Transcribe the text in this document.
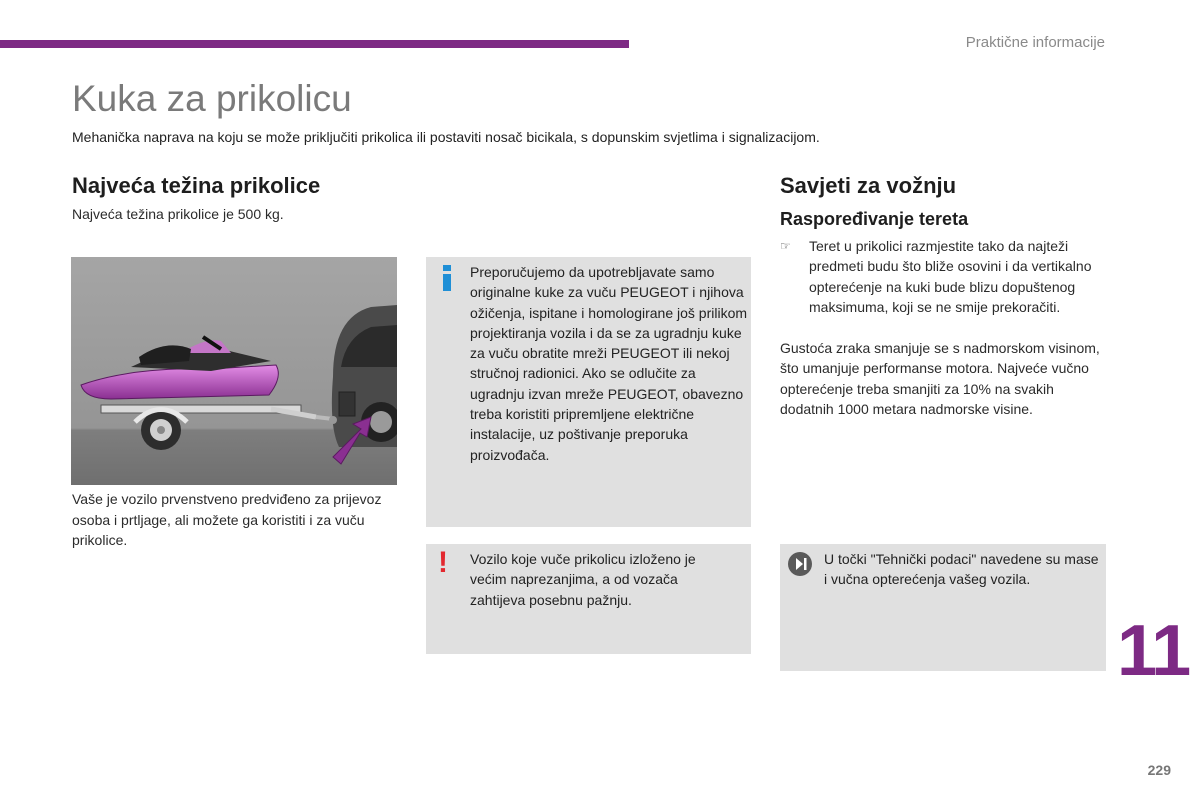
Praktične informacije
Kuka za prikolicu
Mehanička naprava na koju se može priključiti prikolica ili postaviti nosač bicikala, s dopunskim svjetlima i signalizacijom.
Najveća težina prikolice
Najveća težina prikolice je 500 kg.
Vaše je vozilo prvenstveno predviđeno za prijevoz osoba i prtljage, ali možete ga koristiti i za vuču prikolice.
Preporučujemo da upotrebljavate samo originalne kuke za vuču PEUGEOT i njihova ožičenja, ispitane i homologirane još prilikom projektiranja vozila i da se za ugradnju kuke za vuču obratite mreži PEUGEOT ili nekoj stručnoj radionici. Ako se odlučite za ugradnju izvan mreže PEUGEOT, obavezno treba koristiti pripremljene električne instalacije, uz poštivanje preporuka proizvođača.
! Vozilo koje vuče prikolicu izloženo je većim naprezanjima, a od vozača zahtijeva posebnu pažnju.
Savjeti za vožnju
Raspoređivanje tereta
☞ Teret u prikolici razmjestite tako da najteži predmeti budu što bliže osovini i da vertikalno opterećenje na kuki bude blizu dopuštenog maksimuma, koji se ne smije prekoračiti.
Gustoća zraka smanjuje se s nadmorskom visinom, što umanjuje performanse motora. Najveće vučno opterećenje treba smanjiti za 10% na svakih dodatnih 1000 metara nadmorske visine.
U točki "Tehnički podaci" navedene su mase i vučna opterećenja vašeg vozila.
11
229
